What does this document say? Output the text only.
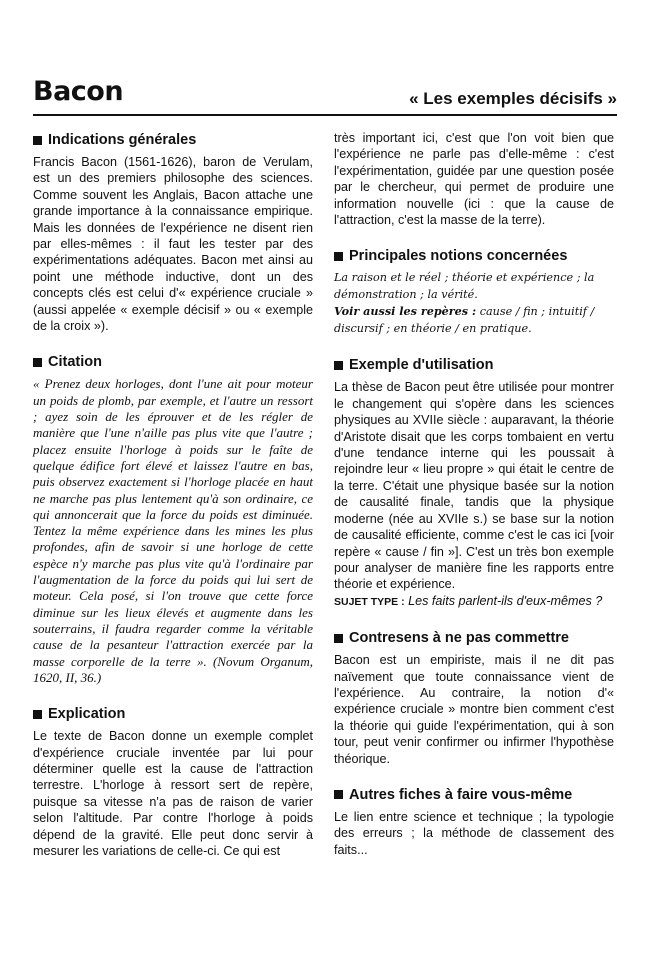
Bacon	« Les exemples décisifs »
Indications générales

Francis Bacon (1561-1626), baron de Verulam, est un des premiers philosophe des sciences. Comme souvent les Anglais, Bacon attache une grande importance à la connaissance empirique. Mais les données de l'expérience ne disent rien par elles-mêmes : il faut les tester par des expérimentations adéquates. Bacon met ainsi au point une méthode inductive, dont un des concepts clés est celui d'« expérience cruciale » (aussi appelée « exemple décisif » ou « exemple de la croix »).

Citation

« Prenez deux horloges, dont l'une ait pour moteur un poids de plomb, par exemple, et l'autre un ressort ; ayez soin de les éprouver et de les régler de manière que l'une n'aille pas plus vite que l'autre ; placez ensuite l'horloge à poids sur le faîte de quelque édifice fort élevé et laissez l'autre en bas, puis observez exactement si l'horloge placée en haut ne marche pas plus lentement qu'à son ordinaire, ce qui annoncerait que la force du poids est diminuée. Tentez la même expérience dans les mines les plus profondes, afin de savoir si une horloge de cette espèce n'y marche pas plus vite qu'à l'ordinaire par l'augmentation de la force du poids qui lui sert de moteur. Cela posé, si l'on trouve que cette force diminue sur les lieux élevés et augmente dans les souterrains, il faudra regarder comme la véritable cause de la pesanteur l'attraction exercée par la masse corporelle de la terre ». (Novum Organum, 1620, II, 36.)

Explication

Le texte de Bacon donne un exemple complet d'expérience cruciale inventée par lui pour déterminer quelle est la cause de l'attraction terrestre. L'horloge à ressort sert de repère, puisque sa vitesse n'a pas de raison de varier selon l'altitude. Par contre l'horloge à poids dépend de la gravité. Elle peut donc servir à mesurer les variations de celle-ci. Ce qui est

très important ici, c'est que l'on voit bien que l'expérience ne parle pas d'elle-même : c'est l'expérimentation, guidée par une question posée par le chercheur, qui permet de produire une information nouvelle (ici : que la cause de l'attraction, c'est la masse de la terre).

Principales notions concernées

La raison et le réel ; théorie et expérience ; la démonstration ; la vérité.

Voir aussi les repères : cause / fin ; intuitif / discursif ; en théorie / en pratique.

Exemple d'utilisation

La thèse de Bacon peut être utilisée pour montrer le changement qui s'opère dans les sciences physiques au XVIIe siècle : auparavant, la théorie d'Aristote disait que les corps tombaient en vertu d'une tendance interne qui les poussait à rejoindre leur « lieu propre » qui était le centre de la terre. C'était une physique basée sur la notion de causalité finale, tandis que la physique moderne (née au XVIIe s.) se base sur la notion de causalité efficiente, comme c'est le cas ici [voir repère « cause / fin »]. C'est un très bon exemple pour analyser de manière fine les rapports entre théorie et expérience.

SUJET TYPE : Les faits parlent-ils d'eux-mêmes ?

Contresens à ne pas commettre

Bacon est un empiriste, mais il ne dit pas naïvement que toute connaissance vient de l'expérience. Au contraire, la notion d'« expérience cruciale » montre bien comment c'est la théorie qui guide l'expérimentation, qui à son tour, peut venir confirmer ou infirmer l'hypothèse théorique.

Autres fiches à faire vous-même

Le lien entre science et technique ; la typologie des erreurs ; la méthode de classement des faits...
